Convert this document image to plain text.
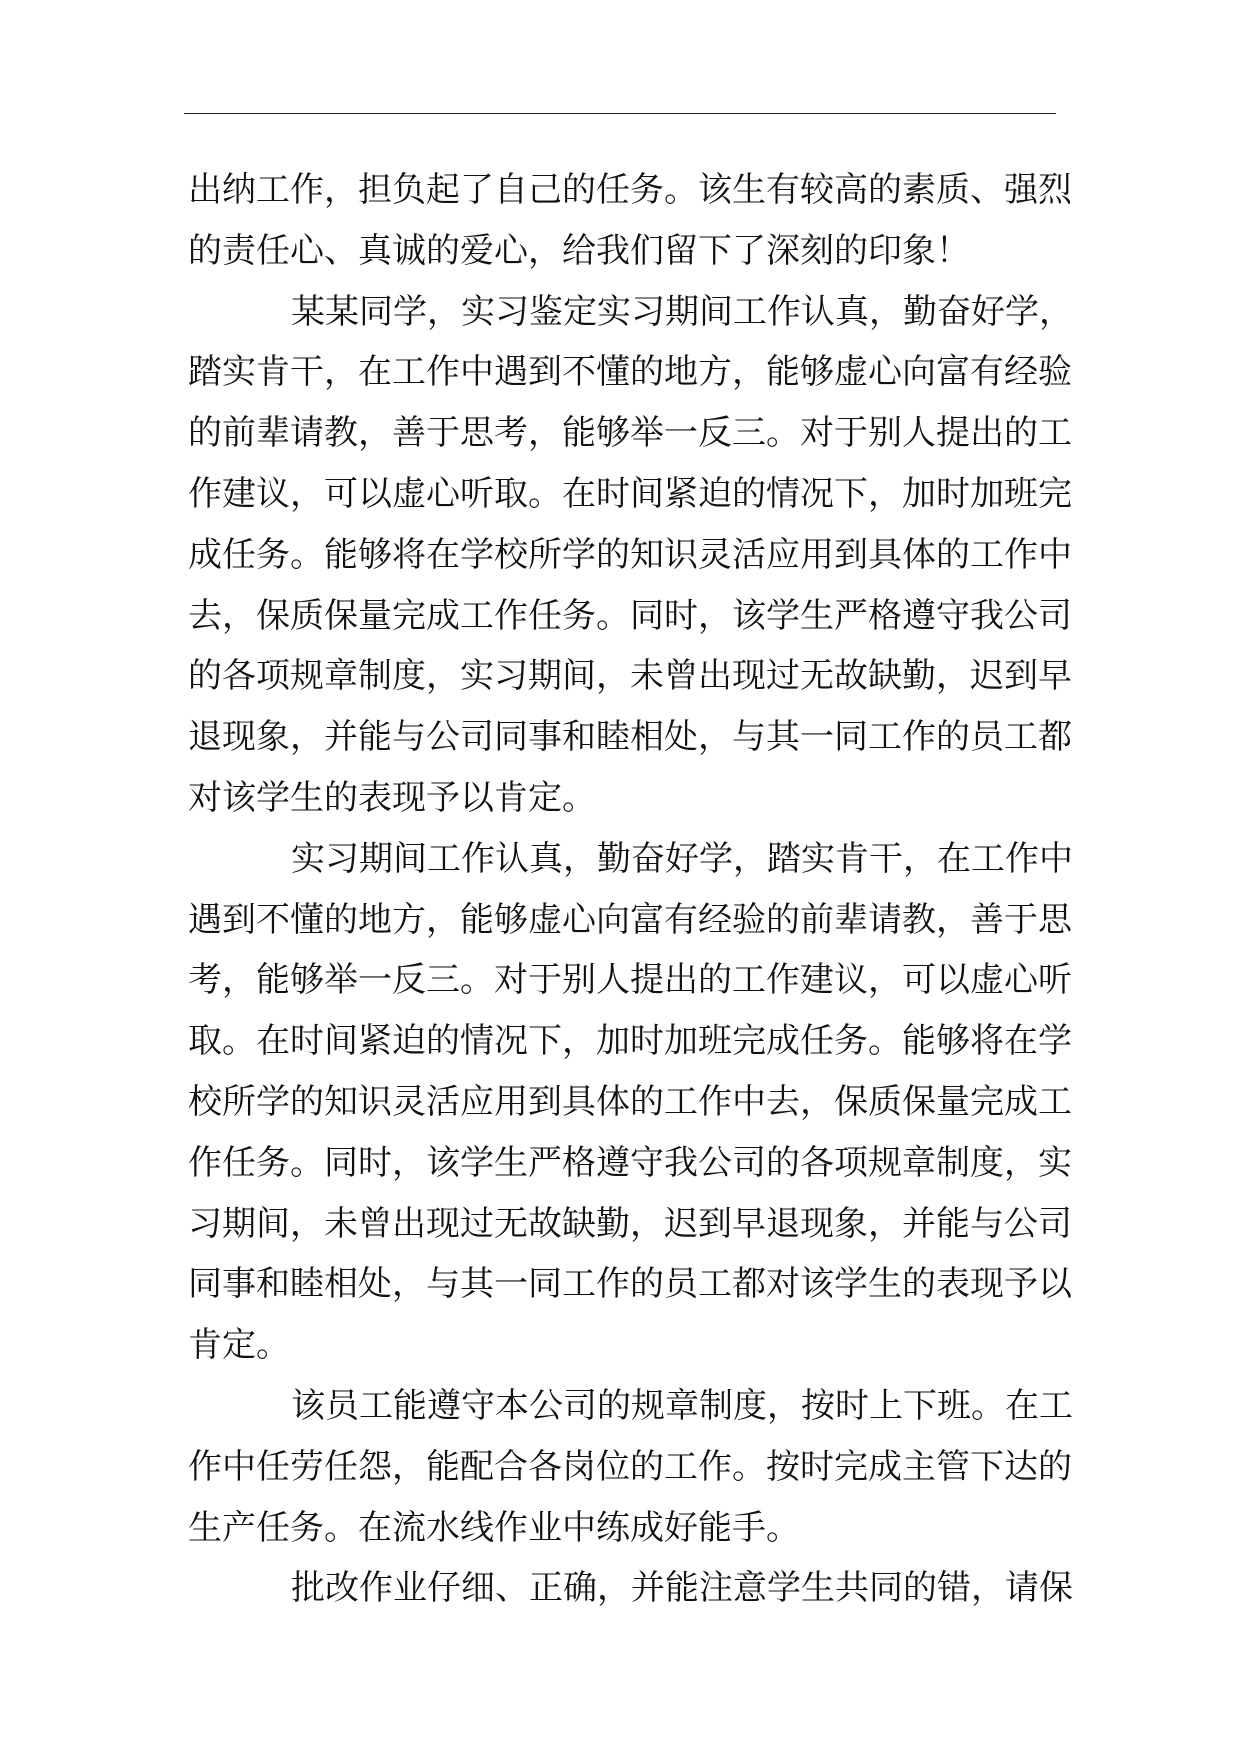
出纳工作，担负起了自己的任务。该生有较高的素质、强烈
的责任心、真诚的爱心，给我们留下了深刻的印象！
某某同学，实习鉴定实习期间工作认真，勤奋好学，
踏实肯干，在工作中遇到不懂的地方，能够虚心向富有经验
的前辈请教，善于思考，能够举一反三。对于别人提出的工
作建议，可以虚心听取。在时间紧迫的情况下，加时加班完
成任务。能够将在学校所学的知识灵活应用到具体的工作中
去，保质保量完成工作任务。同时，该学生严格遵守我公司
的各项规章制度，实习期间，未曾出现过无故缺勤，迟到早
退现象，并能与公司同事和睦相处，与其一同工作的员工都
对该学生的表现予以肯定。
实习期间工作认真，勤奋好学，踏实肯干，在工作中
遇到不懂的地方，能够虚心向富有经验的前辈请教，善于思
考，能够举一反三。对于别人提出的工作建议，可以虚心听
取。在时间紧迫的情况下，加时加班完成任务。能够将在学
校所学的知识灵活应用到具体的工作中去，保质保量完成工
作任务。同时，该学生严格遵守我公司的各项规章制度，实
习期间，未曾出现过无故缺勤，迟到早退现象，并能与公司
同事和睦相处，与其一同工作的员工都对该学生的表现予以
肯定。
该员工能遵守本公司的规章制度，按时上下班。在工
作中任劳任怨，能配合各岗位的工作。按时完成主管下达的
生产任务。在流水线作业中练成好能手。
批改作业仔细、正确，并能注意学生共同的错，请保
